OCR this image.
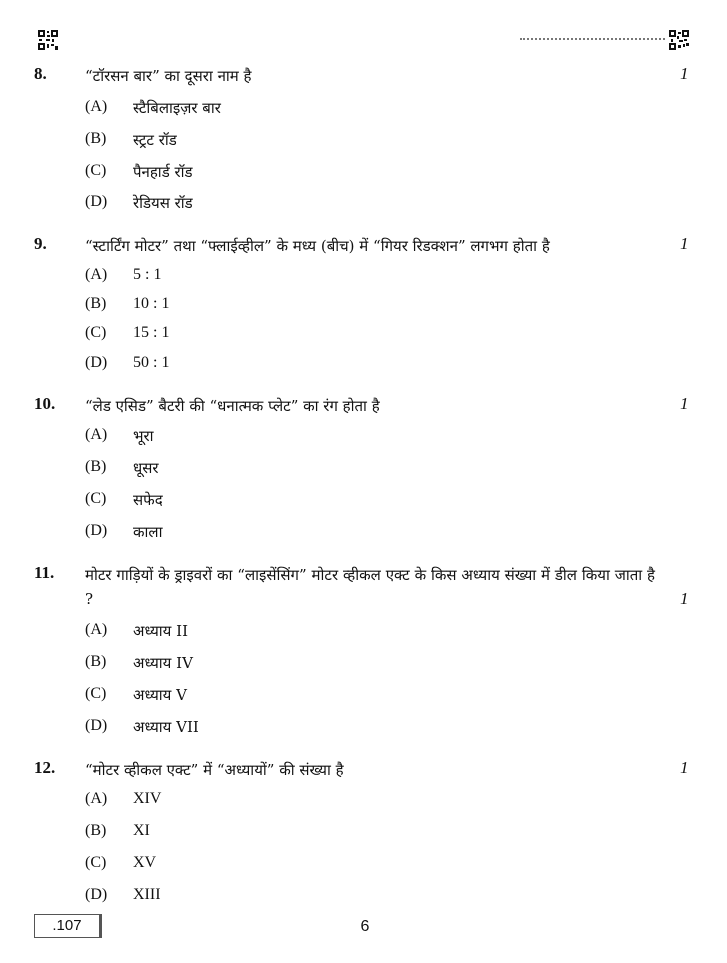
8.	“टॉरसन बार” का दूसरा नाम है	1
(A) स्टैबिलाइज़र बार
(B) स्ट्रट रॉड
(C) पैनहार्ड रॉड
(D) रेडियस रॉड
9.	“स्टार्टिंग मोटर” तथा “फ्लाईव्हील” के मध्य (बीच) में “गियर रिडक्शन” लगभग होता है	1
(A) 5 : 1
(B) 10 : 1
(C) 15 : 1
(D) 50 : 1
10. “लेड एसिड” बैटरी की “धनात्मक प्लेट” का रंग होता है	1
(A) भूरा
(B) धूसर
(C) सफेद
(D) काला
11. मोटर गाड़ियों के ड्राइवरों का “लाइसेंसिंग” मोटर व्हीकल एक्ट के किस अध्याय संख्या में डील किया जाता है ?	1
(A) अध्याय II
(B) अध्याय IV
(C) अध्याय V
(D) अध्याय VII
12. “मोटर व्हीकल एक्ट” में “अध्यायों” की संख्या है	1
(A) XIV
(B) XI
(C) XV
(D) XIII
.107	6
